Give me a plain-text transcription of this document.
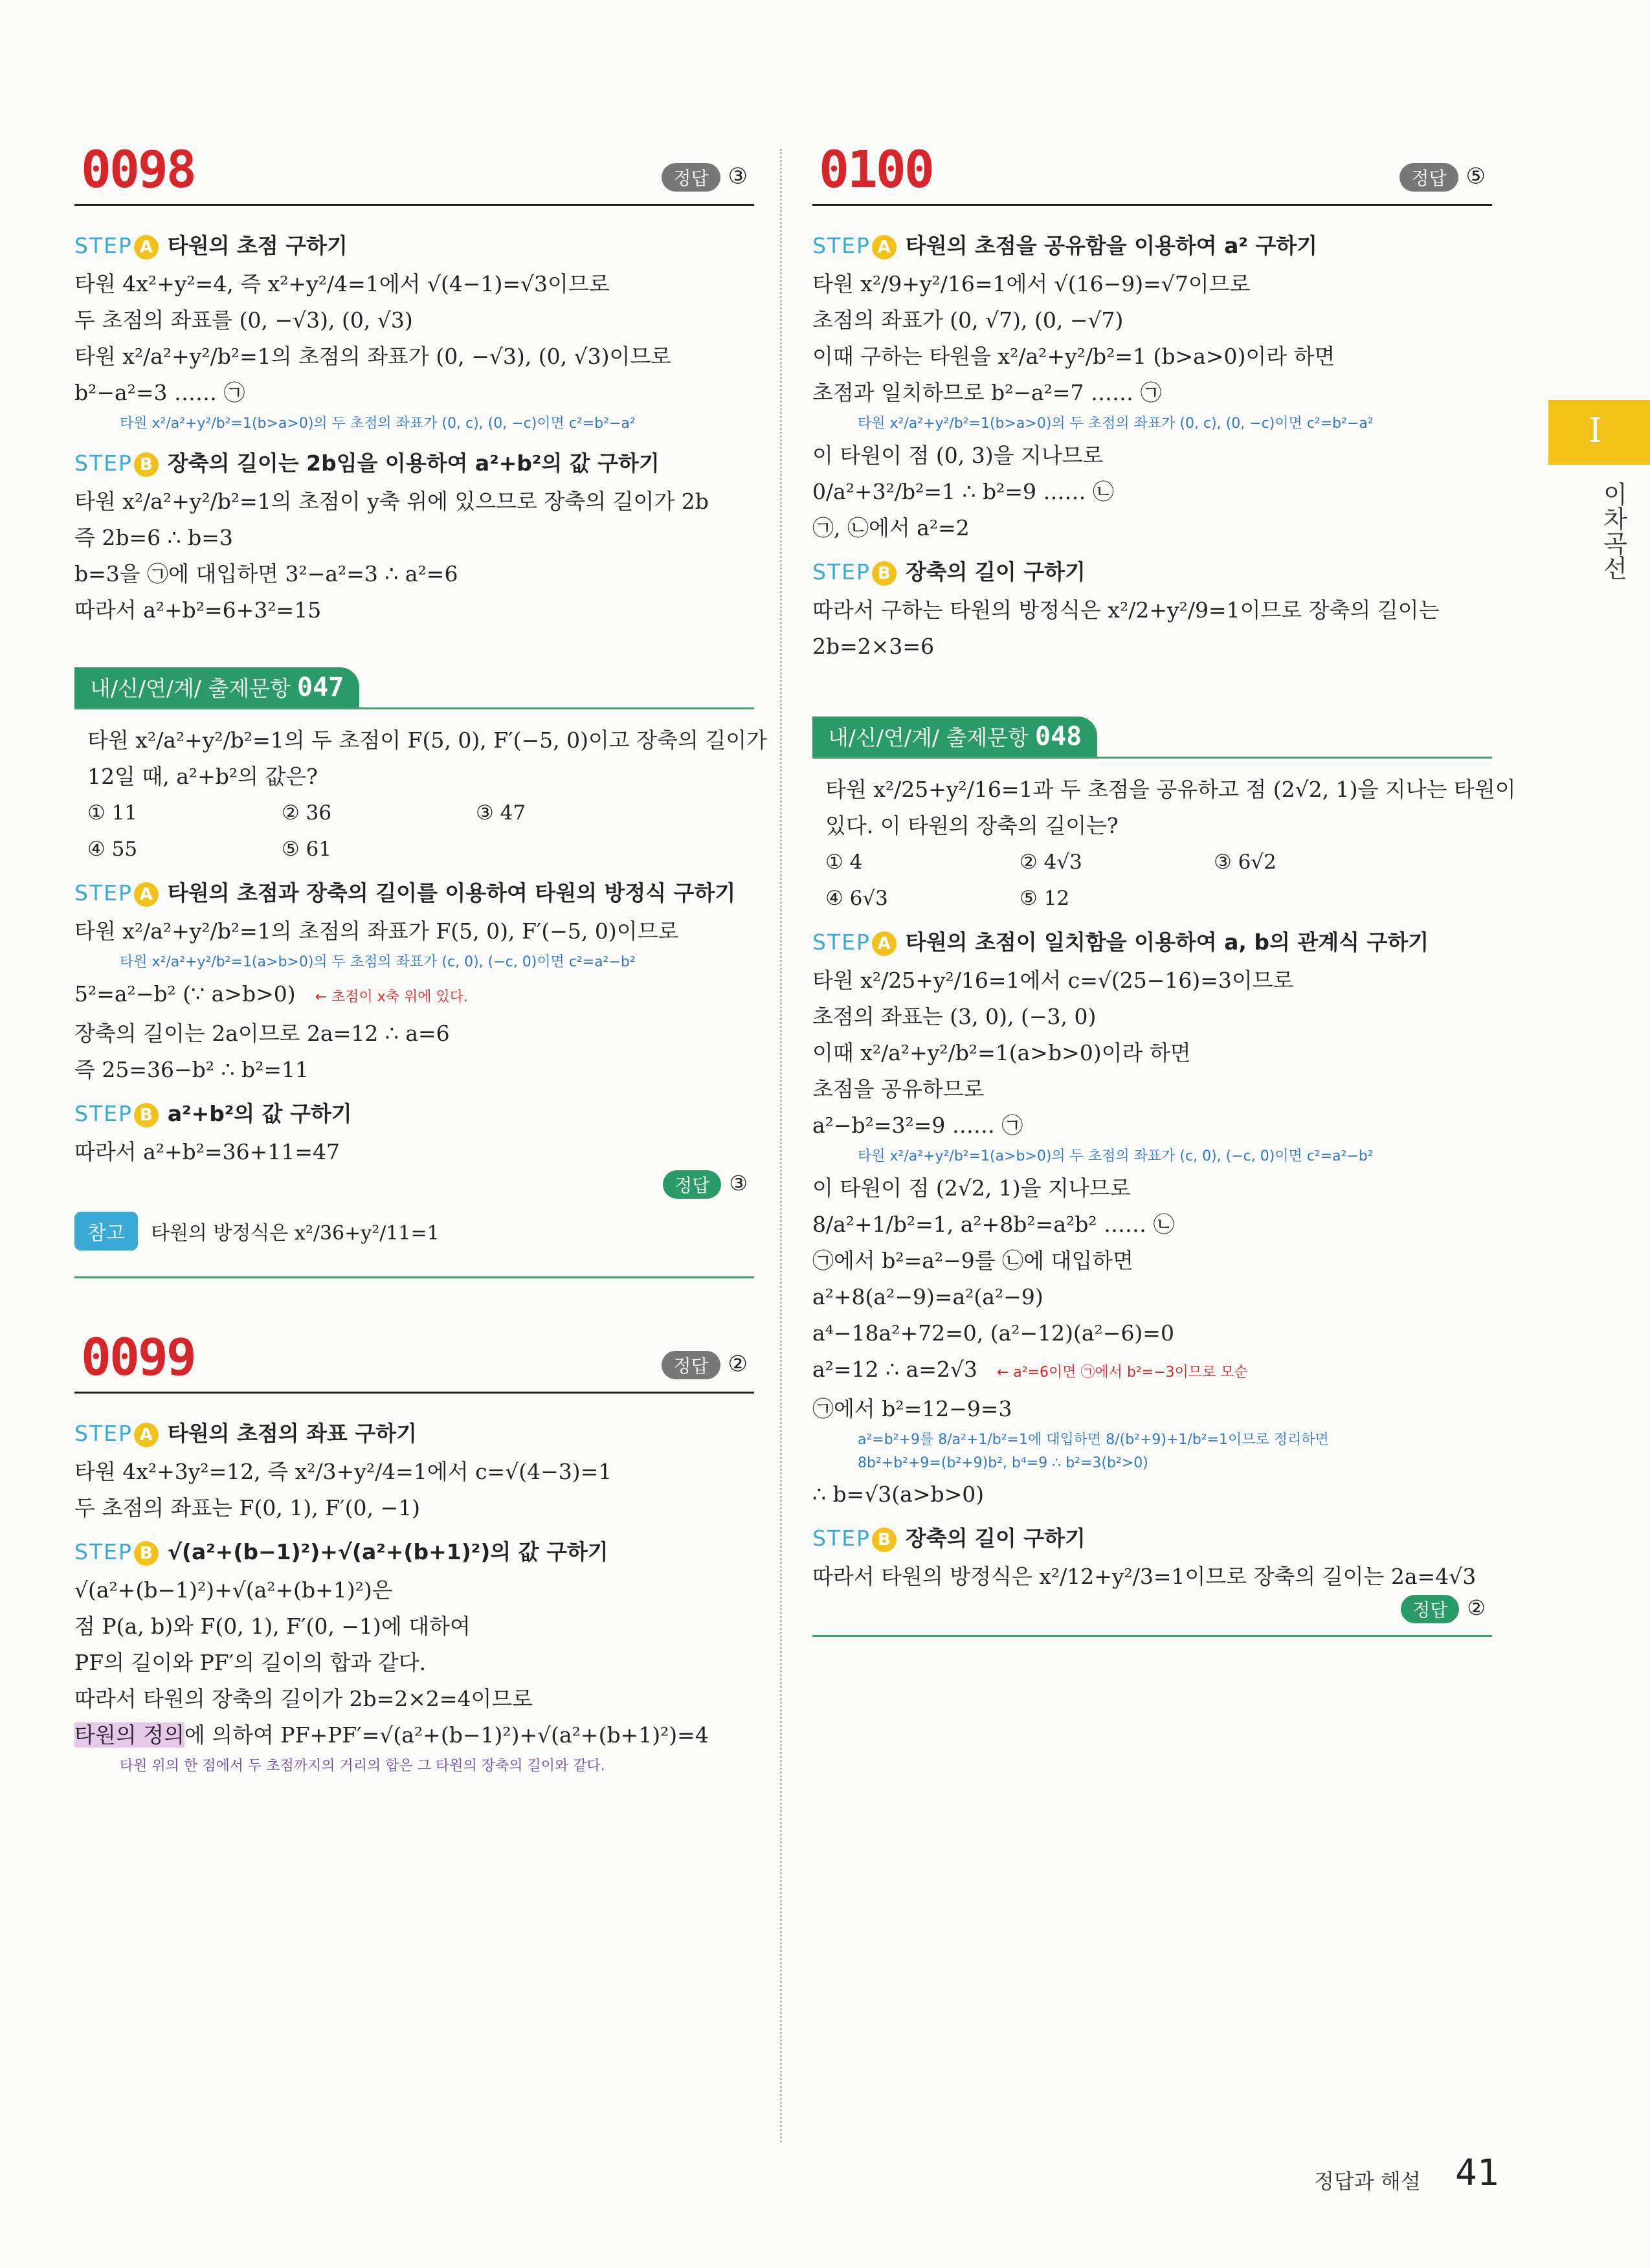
0098	정답 ③
STEP A 타원의 초점 구하기
타원 4x²+y²=4, 즉 x²+y²/4=1에서 √(4−1)=√3이므로
두 초점의 좌표를 (0, −√3), (0, √3)
타원 x²/a²+y²/b²=1의 초점의 좌표가 (0, −√3), (0, √3)이므로
b²−a²=3 …… ㉠
타원 x²/a²+y²/b²=1(b>a>0)의 두 초점의 좌표가 (0, c), (0, −c)이면 c²=b²−a²
STEP B 장축의 길이는 2b임을 이용하여 a²+b²의 값 구하기
타원 x²/a²+y²/b²=1의 초점이 y축 위에 있으므로 장축의 길이가 2b
즉 2b=6 ∴ b=3
b=3을 ㉠에 대입하면 3²−a²=3 ∴ a²=6
따라서 a²+b²=6+3²=15
내/신/연/계/ 출제문항 047
타원 x²/a²+y²/b²=1의 두 초점이 F(5, 0), F′(−5, 0)이고 장축의 길이가
12일 때, a²+b²의 값은?
① 11	② 36	③ 47
④ 55	⑤ 61
STEP A 타원의 초점과 장축의 길이를 이용하여 타원의 방정식 구하기
타원 x²/a²+y²/b²=1의 초점의 좌표가 F(5, 0), F′(−5, 0)이므로
타원 x²/a²+y²/b²=1(a>b>0)의 두 초점의 좌표가 (c, 0), (−c, 0)이면 c²=a²−b²
5²=a²−b² (∵ a>b>0) ← 초점이 x축 위에 있다.
장축의 길이는 2a이므로 2a=12 ∴ a=6
즉 25=36−b² ∴ b²=11
STEP B a²+b²의 값 구하기
따라서 a²+b²=36+11=47
정답 ③
참고	타원의 방정식은 x²/36+y²/11=1
0099	정답 ②
STEP A 타원의 초점의 좌표 구하기
타원 4x²+3y²=12, 즉 x²/3+y²/4=1에서 c=√(4−3)=1
두 초점의 좌표는 F(0, 1), F′(0, −1)
STEP B √(a²+(b−1)²)+√(a²+(b+1)²)의 값 구하기
√(a²+(b−1)²)+√(a²+(b+1)²)은
점 P(a, b)와 F(0, 1), F′(0, −1)에 대하여
PF의 길이와 PF′의 길이의 합과 같다.
따라서 타원의 장축의 길이가 2b=2×2=4이므로
타원의 정의에 의하여 PF+PF′=√(a²+(b−1)²)+√(a²+(b+1)²)=4
타원 위의 한 점에서 두 초점까지의 거리의 합은 그 타원의 장축의 길이와 같다.
0100	정답 ⑤
STEP A 타원의 초점을 공유함을 이용하여 a² 구하기
타원 x²/9+y²/16=1에서 √(16−9)=√7이므로
초점의 좌표가 (0, √7), (0, −√7)
이때 구하는 타원을 x²/a²+y²/b²=1 (b>a>0)이라 하면
초점과 일치하므로 b²−a²=7 …… ㉠
타원 x²/a²+y²/b²=1(b>a>0)의 두 초점의 좌표가 (0, c), (0, −c)이면 c²=b²−a²
이 타원이 점 (0, 3)을 지나므로
0/a²+3²/b²=1 ∴ b²=9 …… ㉡
㉠, ㉡에서 a²=2
STEP B 장축의 길이 구하기
따라서 구하는 타원의 방정식은 x²/2+y²/9=1이므로 장축의 길이는
2b=2×3=6
내/신/연/계/ 출제문항 048
타원 x²/25+y²/16=1과 두 초점을 공유하고 점 (2√2, 1)을 지나는 타원이
있다. 이 타원의 장축의 길이는?
① 4	② 4√3	③ 6√2
④ 6√3	⑤ 12
STEP A 타원의 초점이 일치함을 이용하여 a, b의 관계식 구하기
타원 x²/25+y²/16=1에서 c=√(25−16)=3이므로
초점의 좌표는 (3, 0), (−3, 0)
이때 x²/a²+y²/b²=1(a>b>0)이라 하면
초점을 공유하므로
a²−b²=3²=9 …… ㉠
타원 x²/a²+y²/b²=1(a>b>0)의 두 초점의 좌표가 (c, 0), (−c, 0)이면 c²=a²−b²
이 타원이 점 (2√2, 1)을 지나므로
8/a²+1/b²=1, a²+8b²=a²b² …… ㉡
㉠에서 b²=a²−9를 ㉡에 대입하면
a²+8(a²−9)=a²(a²−9)
a⁴−18a²+72=0, (a²−12)(a²−6)=0
a²=12 ∴ a=2√3 ← a²=6이면 ㉠에서 b²=−3이므로 모순
㉠에서 b²=12−9=3
a²=b²+9를 8/a²+1/b²=1에 대입하면 8/(b²+9)+1/b²=1이므로 정리하면
8b²+b²+9=(b²+9)b², b⁴=9 ∴ b²=3(b²>0)
∴ b=√3(a>b>0)
STEP B 장축의 길이 구하기
따라서 타원의 방정식은 x²/12+y²/3=1이므로 장축의 길이는 2a=4√3
정답 ②
I
이차곡선
정답과 해설 41
